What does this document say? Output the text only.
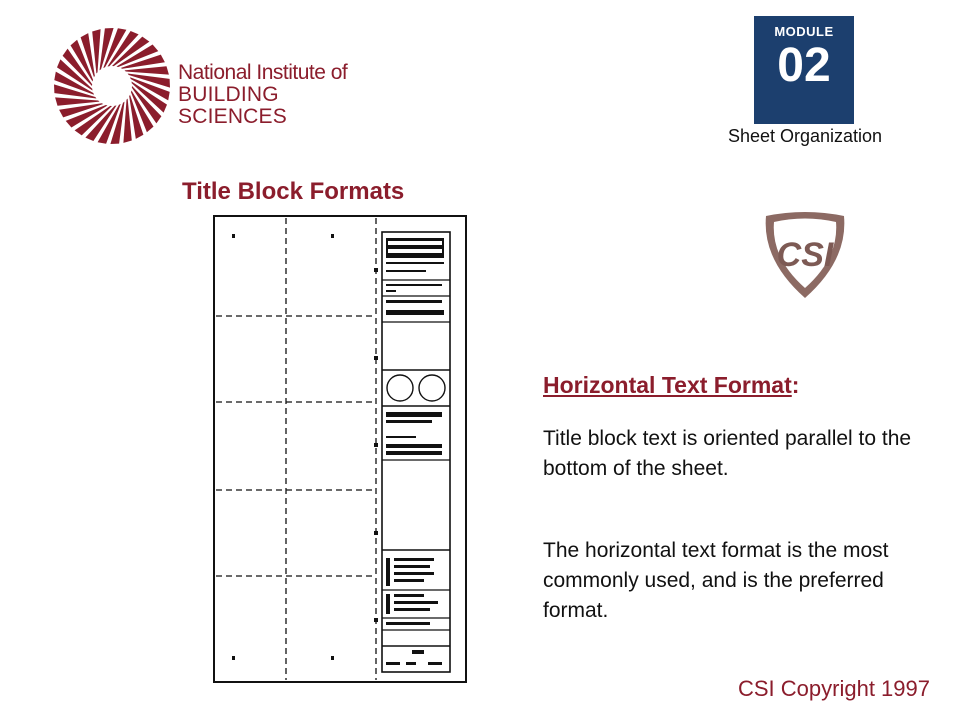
National Institute of
BUILDING SCIENCES
MODULE
02
Sheet Organization
Title Block Formats
CSI
Horizontal Text Format:
Title block text is oriented parallel to the bottom of the sheet.
The horizontal text format is the most commonly used, and is the preferred format.
CSI Copyright 1997
